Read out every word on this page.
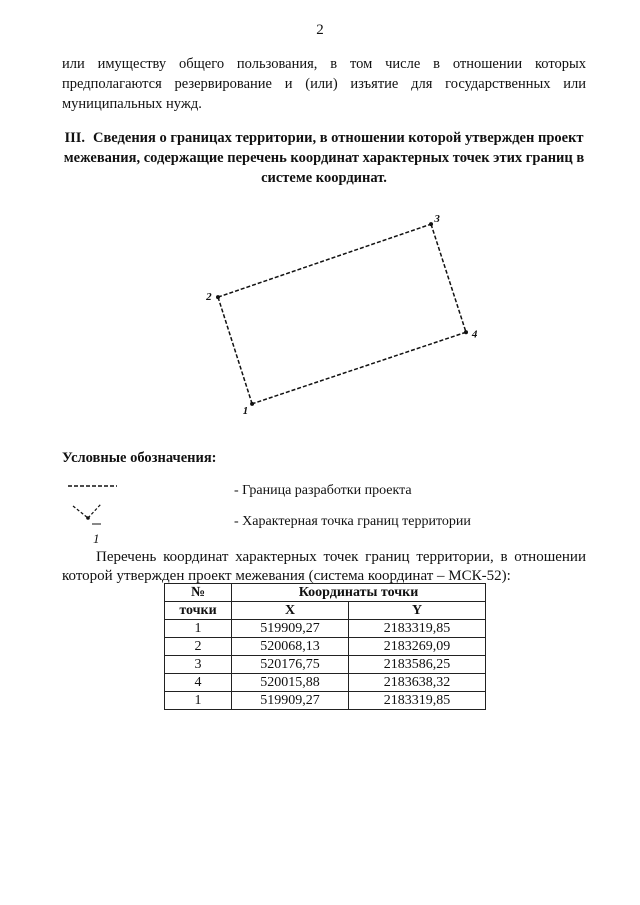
2
или имуществу общего пользования, в том числе в отношении которых предполагаются резервирование и (или) изъятие для государственных или муниципальных нужд.
III. Сведения о границах территории, в отношении которой утвержден проект межевания, содержащие перечень координат характерных точек этих границ в системе координат.
1
2
3
4
1
Условные обозначения:
- Граница разработки проекта
- Характерная точка границ территории
Перечень координат характерных точек границ территории, в отношении которой утвержден проект межевания (система координат – МСК-52):
№	Координаты точки	
точки	X	Y
1	519909,27	2183319,85
2	520068,13	2183269,09
3	520176,75	2183586,25
4	520015,88	2183638,32
1	519909,27	2183319,85
